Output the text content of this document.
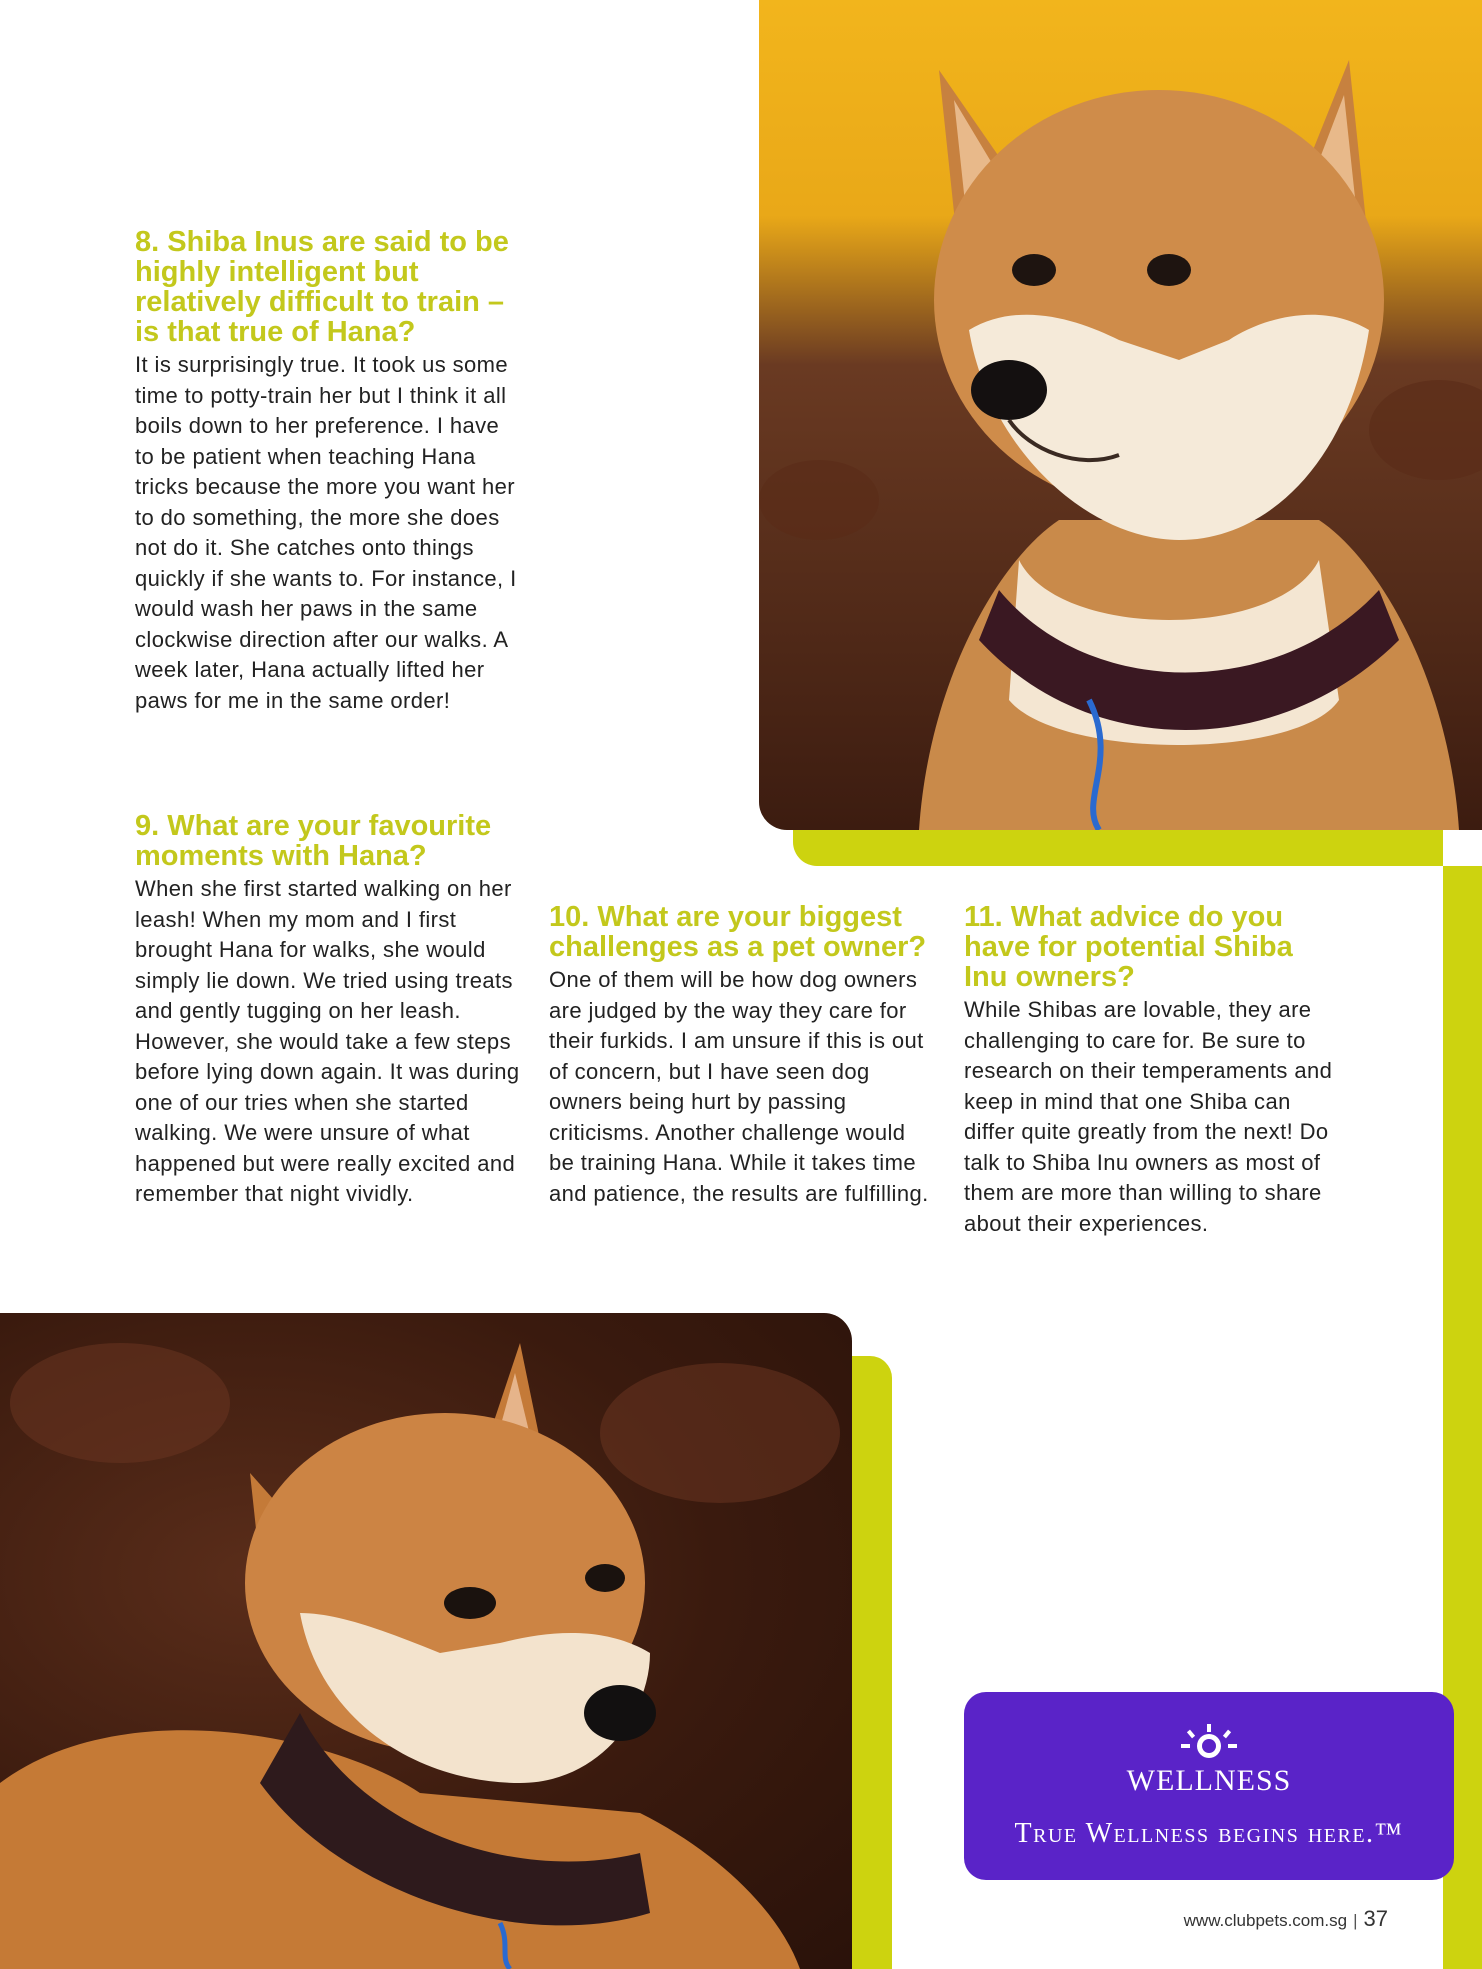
8. Shiba Inus are said to be highly intelligent but relatively difficult to train – is that true of Hana?

It is surprisingly true. It took us some time to potty-train her but I think it all boils down to her preference. I have to be patient when teaching Hana tricks because the more you want her to do something, the more she does not do it. She catches onto things quickly if she wants to. For instance, I would wash her paws in the same clockwise direction after our walks. A week later, Hana actually lifted her paws for me in the same order!

9. What are your favourite moments with Hana?

When she first started walking on her leash! When my mom and I first brought Hana for walks, she would simply lie down. We tried using treats and gently tugging on her leash. However, she would take a few steps before lying down again. It was during one of our tries when she started walking. We were unsure of what happened but were really excited and remember that night vividly.

10. What are your biggest challenges as a pet owner?

One of them will be how dog owners are judged by the way they care for their furkids. I am unsure if this is out of concern, but I have seen dog owners being hurt by passing criticisms. Another challenge would be training Hana. While it takes time and patience, the results are fulfilling.

11. What advice do you have for potential Shiba Inu owners?

While Shibas are lovable, they are challenging to care for. Be sure to research on their temperaments and keep in mind that one Shiba can differ quite greatly from the next! Do talk to Shiba Inu owners as most of them are more than willing to share about their experiences.

WELLNESS
True Wellness begins here.™
www.clubpets.com.sg | 37
